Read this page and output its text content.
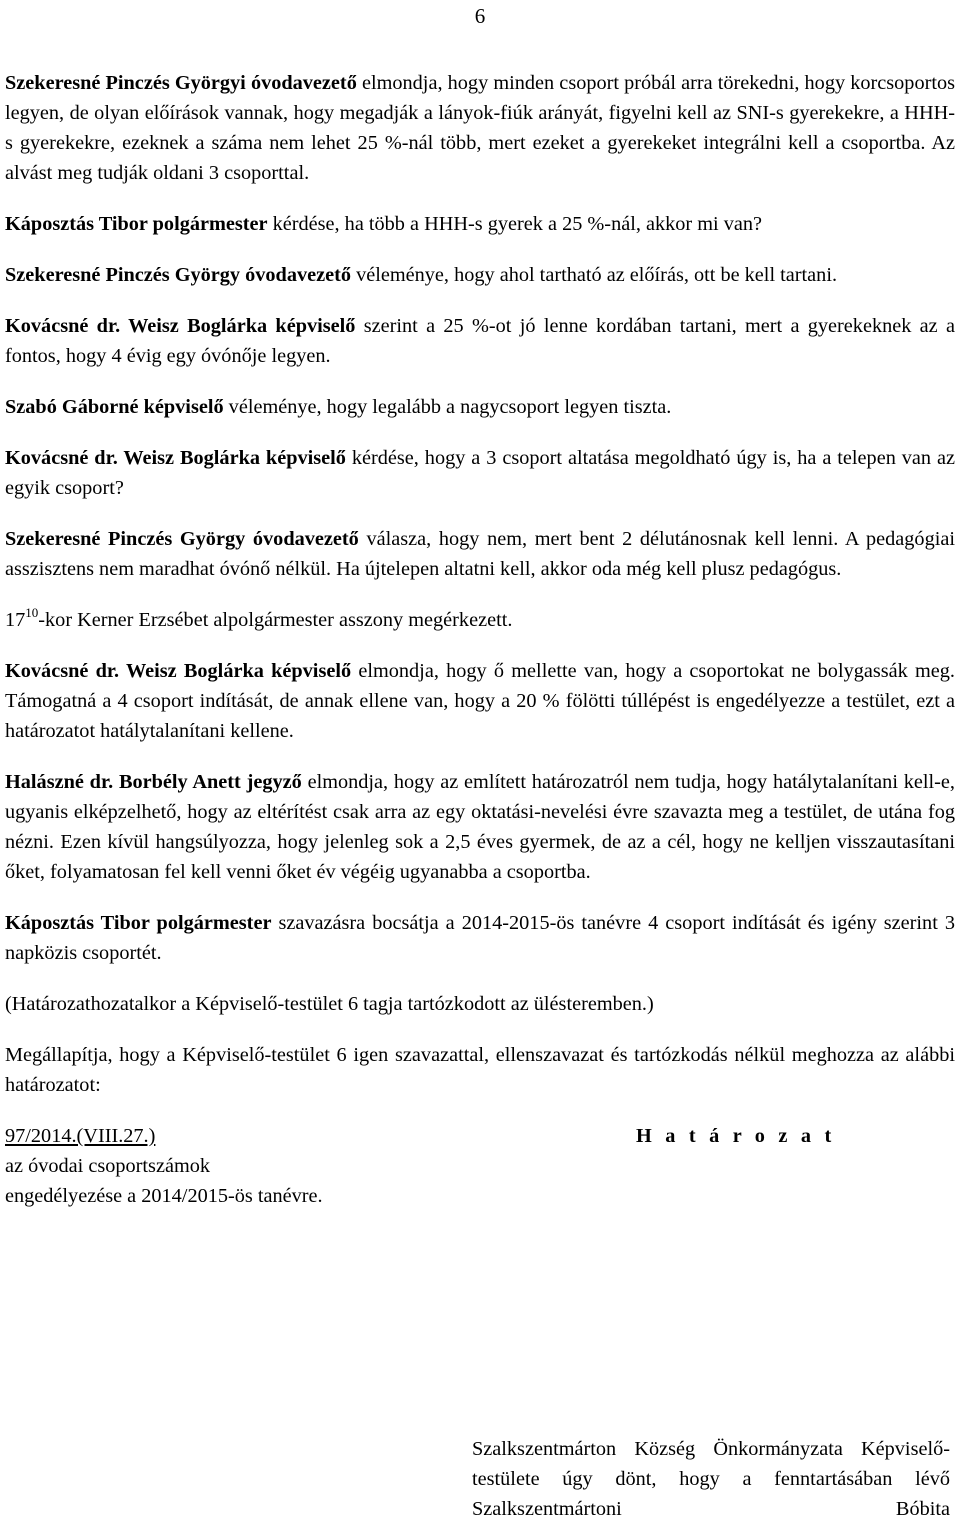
6

Szekeresné Pinczés Györgyi óvodavezető elmondja, hogy minden csoport próbál arra törekedni, hogy korcsoportos legyen, de olyan előírások vannak, hogy megadják a lányok-fiúk arányát, figyelni kell az SNI-s gyerekekre, a HHH-s gyerekekre, ezeknek a száma nem lehet 25 %-nál több, mert ezeket a gyerekeket integrálni kell a csoportba. Az alvást meg tudják oldani 3 csoporttal.

Káposztás Tibor polgármester kérdése, ha több a HHH-s gyerek a 25 %-nál, akkor mi van?

Szekeresné Pinczés György óvodavezető véleménye, hogy ahol tartható az előírás, ott be kell tartani.

Kovácsné dr. Weisz Boglárka képviselő szerint a 25 %-ot jó lenne kordában tartani, mert a gyerekeknek az a fontos, hogy 4 évig egy óvónője legyen.

Szabó Gáborné képviselő véleménye, hogy legalább a nagycsoport legyen tiszta.

Kovácsné dr. Weisz Boglárka képviselő kérdése, hogy a 3 csoport altatása megoldható úgy is, ha a telepen van az egyik csoport?

Szekeresné Pinczés György óvodavezető válasza, hogy nem, mert bent 2 délutánosnak kell lenni. A pedagógiai asszisztens nem maradhat óvónő nélkül. Ha újtelepen altatni kell, akkor oda még kell plusz pedagógus.

$17^{10}$-kor Kerner Erzsébet alpolgármester asszony megérkezett.

Kovácsné dr. Weisz Boglárka képviselő elmondja, hogy ő mellette van, hogy a csoportokat ne bolygassák meg. Támogatná a 4 csoport indítását, de annak ellene van, hogy a 20 % fölötti túllépést is engedélyezze a testület, ezt a határozatot hatálytalanítani kellene.

Halászné dr. Borbély Anett jegyző elmondja, hogy az említett határozatról nem tudja, hogy hatálytalanítani kell-e, ugyanis elképzelhető, hogy az eltérítést csak arra az egy oktatási-nevelési évre szavazta meg a testület, de utána fog nézni. Ezen kívül hangsúlyozza, hogy jelenleg sok a 2,5 éves gyermek, de az a cél, hogy ne kelljen visszautasítani őket, folyamatosan fel kell venni őket év végéig ugyanabba a csoportba.

Káposztás Tibor polgármester szavazásra bocsátja a 2014-2015-ös tanévre 4 csoport indítását és igény szerint 3 napközis csoportét.

(Határozathozatalkor a Képviselő-testület 6 tagja tartózkodott az ülésteremben.)

Megállapítja, hogy a Képviselő-testület 6 igen szavazattal, ellenszavazat és tartózkodás nélkül meghozza az alábbi határozatot:

97/2014.(VIII.27.)
az óvodai csoportszámok
engedélyezése a 2014/2015-ös tanévre.
H a t á r o z a t
Szalkszentmárton Község Önkormányzata Képviselő-testülete úgy dönt, hogy a fenntartásában lévő Szalkszentmártoni Bóbita
